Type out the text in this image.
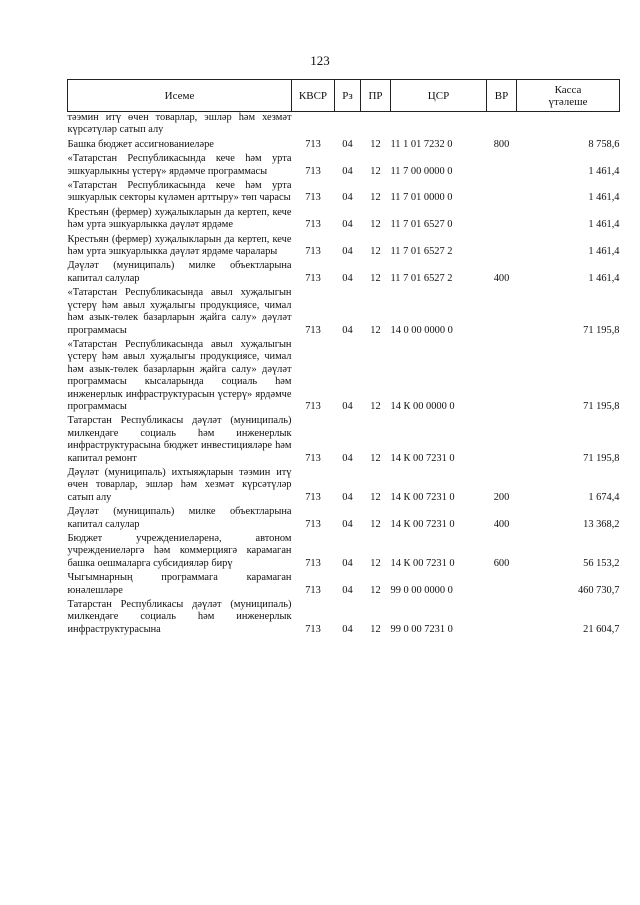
123
Исеме	КВСР	Рз	ПР	ЦСР	ВР	Касса
үтәлеше

тәэмин итү өчен товарлар, эшләр һәм хезмәт күрсәтүләр сатып алу						
Башка бюджет ассигнованиеләре	713	04	12	11 1 01 7232 0	800	8 758,6
«Татарстан Республикасында кече һәм урта эшкуарлыкны үстерү» ярдәмче программасы	713	04	12	11 7 00 0000 0		1 461,4
«Татарстан Республикасында кече һәм урта эшкуарлык секторы күләмен арттыру» төп чарасы	713	04	12	11 7 01 0000 0		1 461,4
Крестьян (фермер) хуҗалыкларын да кертеп, кече һәм урта эшкуарлыкка дәүләт ярдәме	713	04	12	11 7 01 6527 0		1 461,4
Крестьян (фермер) хуҗалыкларын да кертеп, кече һәм урта эшкуарлыкка дәүләт ярдәме чаралары	713	04	12	11 7 01 6527 2		1 461,4
Дәүләт (муниципаль) милке объектларына капитал салулар	713	04	12	11 7 01 6527 2	400	1 461,4
«Татарстан Республикасында авыл хуҗалыгын үстерү һәм авыл хуҗалыгы продукциясе, чимал һәм азык-төлек базарларын җайга салу» дәүләт программасы	713	04	12	14 0 00 0000 0		71 195,8
«Татарстан Республикасында авыл хуҗалыгын үстерү һәм авыл хуҗалыгы продукциясе, чимал һәм азык-төлек базарларын җайга салу» дәүләт программасы кысаларында социаль һәм инженерлык инфраструктурасын үстерү» ярдәмче программасы	713	04	12	14 К 00 0000 0		71 195,8
Татарстан Республикасы дәүләт (муниципаль) милкендәге социаль һәм инженерлык инфраструктурасына бюджет инвестицияләре һәм капитал ремонт	713	04	12	14 К 00 7231 0		71 195,8
Дәүләт (муниципаль) ихтыяҗларын тәэмин итү өчен товарлар, эшләр һәм хезмәт күрсәтүләр сатып алу	713	04	12	14 К 00 7231 0	200	1 674,4
Дәүләт (муниципаль) милке объектларына капитал салулар	713	04	12	14 К 00 7231 0	400	13 368,2
Бюджет учреждениеләренә, автоном учреждениеләргә һәм коммерциягә карамаган башка оешмаларга субсидияләр бирү	713	04	12	14 К 00 7231 0	600	56 153,2
Чыгымнарның программага карамаган юнәлешләре	713	04	12	99 0 00 0000 0		460 730,7
Татарстан Республикасы дәүләт (муниципаль) милкендәге социаль һәм инженерлык инфраструктурасына	713	04	12	99 0 00 7231 0		21 604,7
